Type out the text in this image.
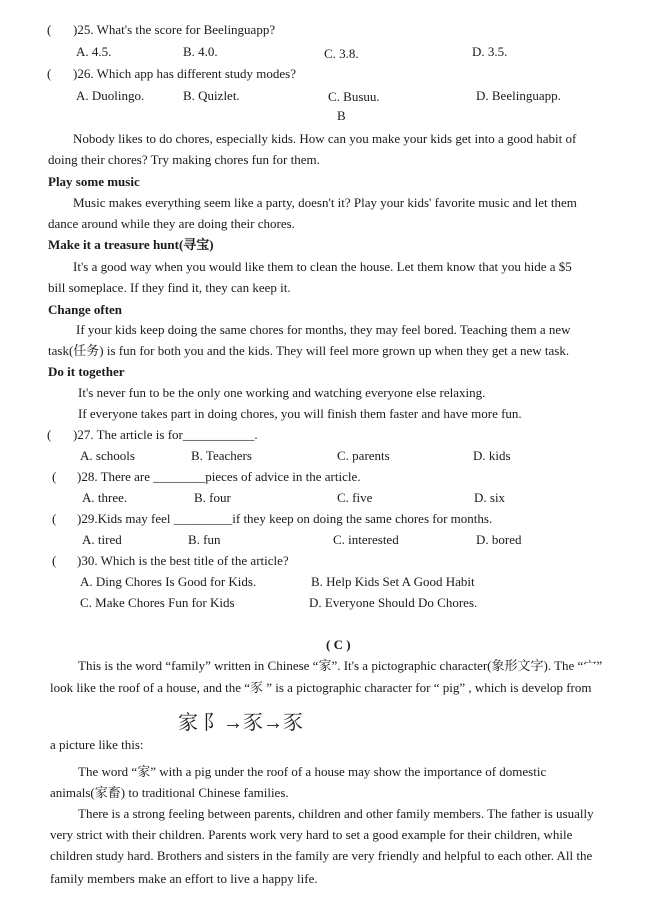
( )25. What's the score for Beelinguapp?
A. 4.5.	B. 4.0.	C. 3.8.	D. 3.5.
( )26. Which app has different study modes?
A. Duolingo.	B. Quizlet.	C. Busuu.	D. Beelinguapp.
B
Nobody likes to do chores, especially kids. How can you make your kids get into a good habit of
doing their chores? Try making chores fun for them.
Play some music
Music makes everything seem like a party, doesn't it? Play your kids' favorite music and let them
dance around while they are doing their chores.
Make it a treasure hunt(寻宝)
It's a good way when you would like them to clean the house. Let them know that you hide a $5
bill someplace. If they find it, they can keep it.
Change often
If your kids keep doing the same chores for months, they may feel bored. Teaching them a new
task(任务) is fun for both you and the kids. They will feel more grown up when they get a new task.
Do it together
It's never fun to be the only one working and watching everyone else relaxing.
If everyone takes part in doing chores, you will finish them faster and have more fun.
( )27. The article is for___________.
A. schools	B. Teachers	C. parents	D. kids
( )28. There are ________pieces of advice in the article.
A. three.	B. four	C. five	D. six
( )29.Kids may feel _________if they keep on doing the same chores for months.
A. tired	B. fun	C. interested	D. bored
( )30. Which is the best title of the article?
A. Ding Chores Is Good for Kids.	B. Help Kids Set A Good Habit
C. Make Chores Fun for Kids	D. Everyone Should Do Chores.
( C )
This is the word “family” written in Chinese “家”. It's a pictographic character(象形文字). The “宀”
look like the roof of a house, and the “豕 ” is a pictographic character for “ pig” , which is develop from
家 ⻖→豕→豕
a picture like this:
The word “家” with a pig under the roof of a house may show the importance of domestic
animals(家畜) to traditional Chinese families.
There is a strong feeling between parents, children and other family members. The father is usually
very strict with their children. Parents work very hard to set a good example for their children, while
children study hard. Brothers and sisters in the family are very friendly and helpful to each other. All the
family members make an effort to live a happy life.
